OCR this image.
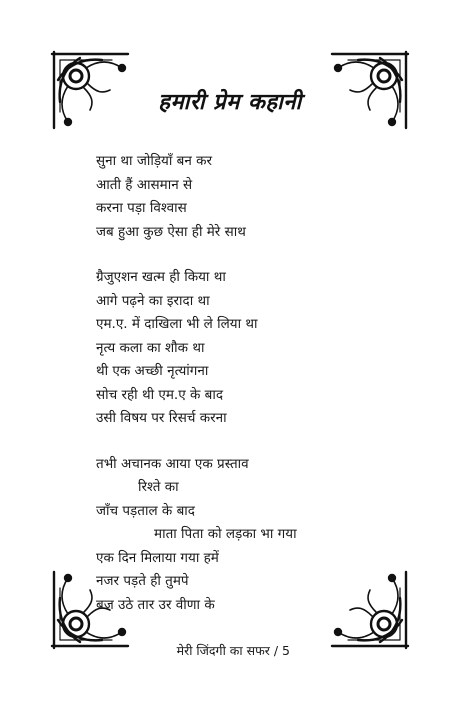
हमारी प्रेम कहानी
सुना था जोड़ियाँ बन कर
आती हैं आसमान से
करना पड़ा विश्वास
जब हुआ कुछ ऐसा ही मेरे साथ
ग्रैजुएशन खत्म ही किया था
आगे पढ़ने का इरादा था
एम.ए. में दाखिला भी ले लिया था
नृत्य कला का शौक था
थी एक अच्छी नृत्यांगना
सोच रही थी एम.ए के बाद
उसी विषय पर रिसर्च करना
तभी अचानक आया एक प्रस्ताव
रिश्ते का
जाँच पड़ताल के बाद
माता पिता को लड़का भा गया
एक दिन मिलाया गया हमें
नजर पड़ते ही तुमपे
बज उठे तार उर वीणा के
मेरी जिंदगी का सफर / 5
